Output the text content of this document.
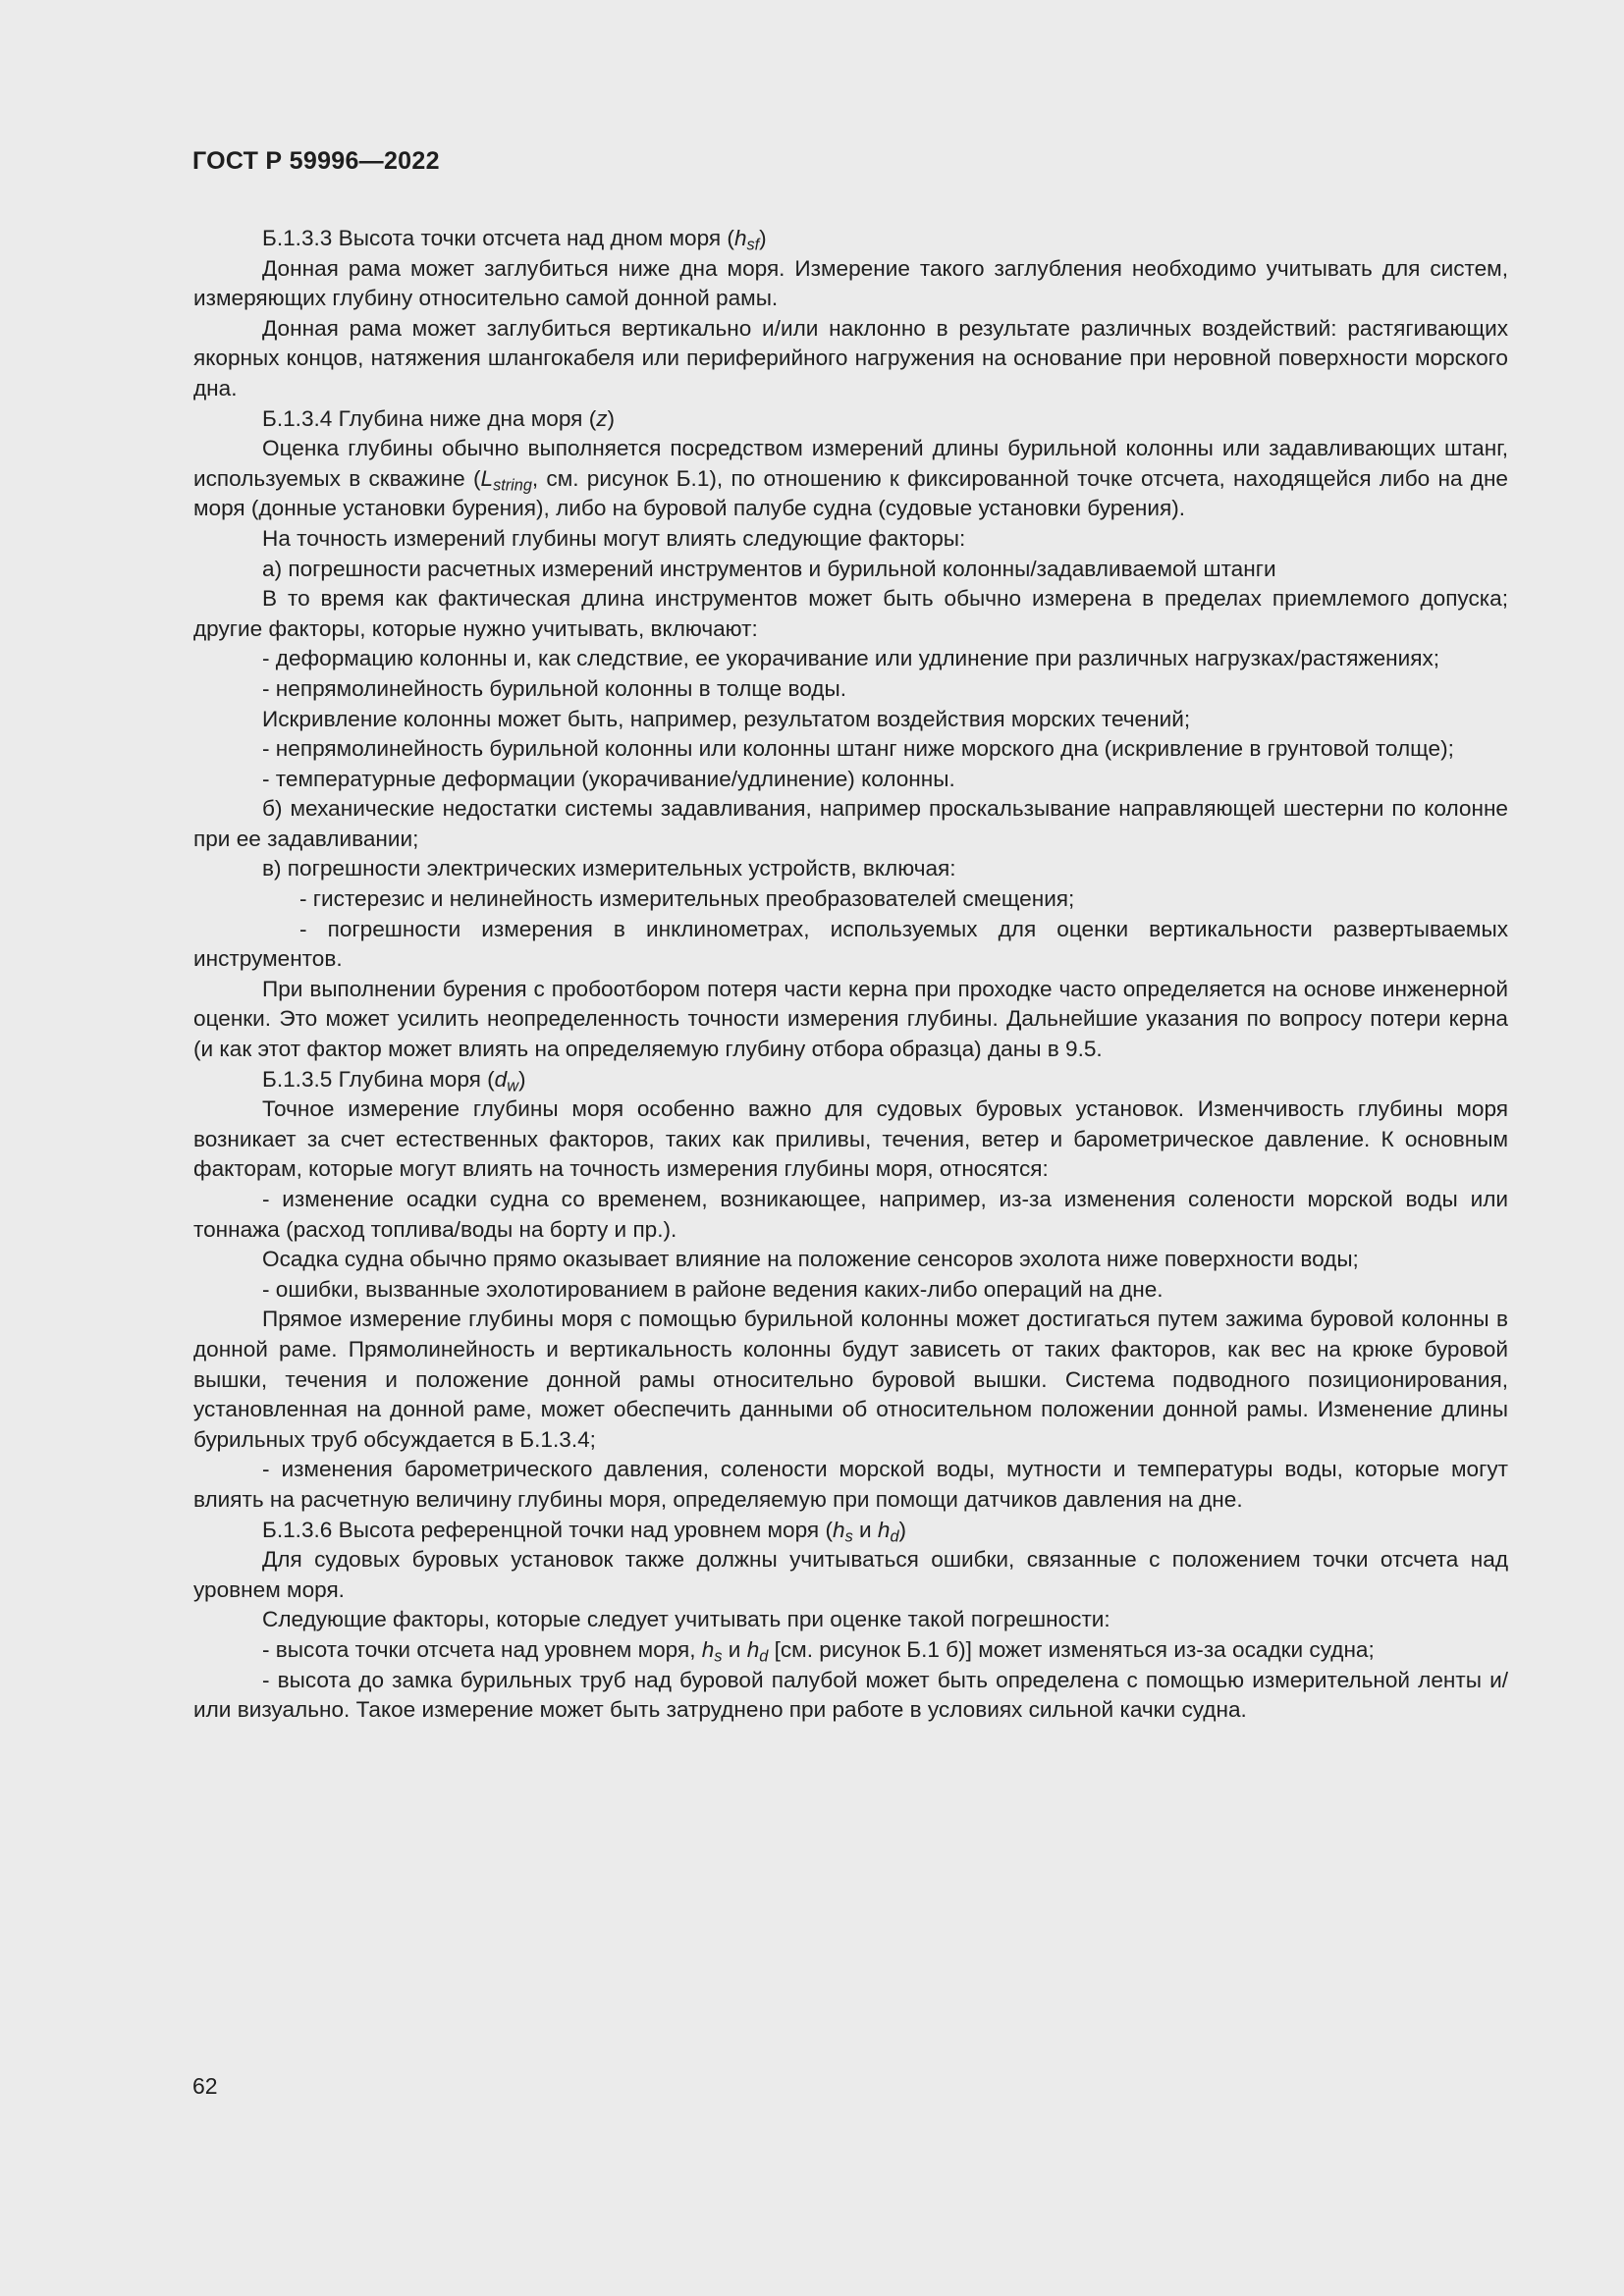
ГОСТ Р 59996—2022

Б.1.3.3 Высота точки отсчета над дном моря $(h_{sf})$

Донная рама может заглубиться ниже дна моря. Измерение такого заглубления необходимо учитывать для систем, измеряющих глубину относительно самой донной рамы.

Донная рама может заглубиться вертикально и/или наклонно в результате различных воздействий: растягивающих якорных концов, натяжения шлангокабеля или периферийного нагружения на основание при неровной поверхности морского дна.

Б.1.3.4 Глубина ниже дна моря (z)

Оценка глубины обычно выполняется посредством измерений длины бурильной колонны или задавливающих штанг, используемых в скважине ($L_{string}$, см. рисунок Б.1), по отношению к фиксированной точке отсчета, находящейся либо на дне моря (донные установки бурения), либо на буровой палубе судна (судовые установки бурения).

На точность измерений глубины могут влиять следующие факторы:

а) погрешности расчетных измерений инструментов и бурильной колонны/задавливаемой штанги

В то время как фактическая длина инструментов может быть обычно измерена в пределах приемлемого допуска; другие факторы, которые нужно учитывать, включают:

- деформацию колонны и, как следствие, ее укорачивание или удлинение при различных нагрузках/растяжениях;

- непрямолинейность бурильной колонны в толще воды.

Искривление колонны может быть, например, результатом воздействия морских течений;

- непрямолинейность бурильной колонны или колонны штанг ниже морского дна (искривление в грунтовой толще);

- температурные деформации (укорачивание/удлинение) колонны.

б) механические недостатки системы задавливания, например проскальзывание направляющей шестерни по колонне при ее задавливании;

в) погрешности электрических измерительных устройств, включая:

- гистерезис и нелинейность измерительных преобразователей смещения;

- погрешности измерения в инклинометрах, используемых для оценки вертикальности развертываемых инструментов.

При выполнении бурения с пробоотбором потеря части керна при проходке часто определяется на основе инженерной оценки. Это может усилить неопределенность точности измерения глубины. Дальнейшие указания по вопросу потери керна (и как этот фактор может влиять на определяемую глубину отбора образца) даны в 9.5.

Б.1.3.5 Глубина моря $(d_w)$

Точное измерение глубины моря особенно важно для судовых буровых установок. Изменчивость глубины моря возникает за счет естественных факторов, таких как приливы, течения, ветер и барометрическое давление. К основным факторам, которые могут влиять на точность измерения глубины моря, относятся:

- изменение осадки судна со временем, возникающее, например, из-за изменения солености морской воды или тоннажа (расход топлива/воды на борту и пр.).

Осадка судна обычно прямо оказывает влияние на положение сенсоров эхолота ниже поверхности воды;

- ошибки, вызванные эхолотированием в районе ведения каких-либо операций на дне.

Прямое измерение глубины моря с помощью бурильной колонны может достигаться путем зажима буровой колонны в донной раме. Прямолинейность и вертикальность колонны будут зависеть от таких факторов, как вес на крюке буровой вышки, течения и положение донной рамы относительно буровой вышки. Система подводного позиционирования, установленная на донной раме, может обеспечить данными об относительном положении донной рамы. Изменение длины бурильных труб обсуждается в Б.1.3.4;

- изменения барометрического давления, солености морской воды, мутности и температуры воды, которые могут влиять на расчетную величину глубины моря, определяемую при помощи датчиков давления на дне.

Б.1.3.6 Высота референцной точки над уровнем моря ($h_s$ и $h_d$)

Для судовых буровых установок также должны учитываться ошибки, связанные с положением точки отсчета над уровнем моря.

Следующие факторы, которые следует учитывать при оценке такой погрешности:

- высота точки отсчета над уровнем моря, $h_s$ и $h_d$ [см. рисунок Б.1 б)] может изменяться из-за осадки судна;

- высота до замка бурильных труб над буровой палубой может быть определена с помощью измерительной ленты и/или визуально. Такое измерение может быть затруднено при работе в условиях сильной качки судна.

62
